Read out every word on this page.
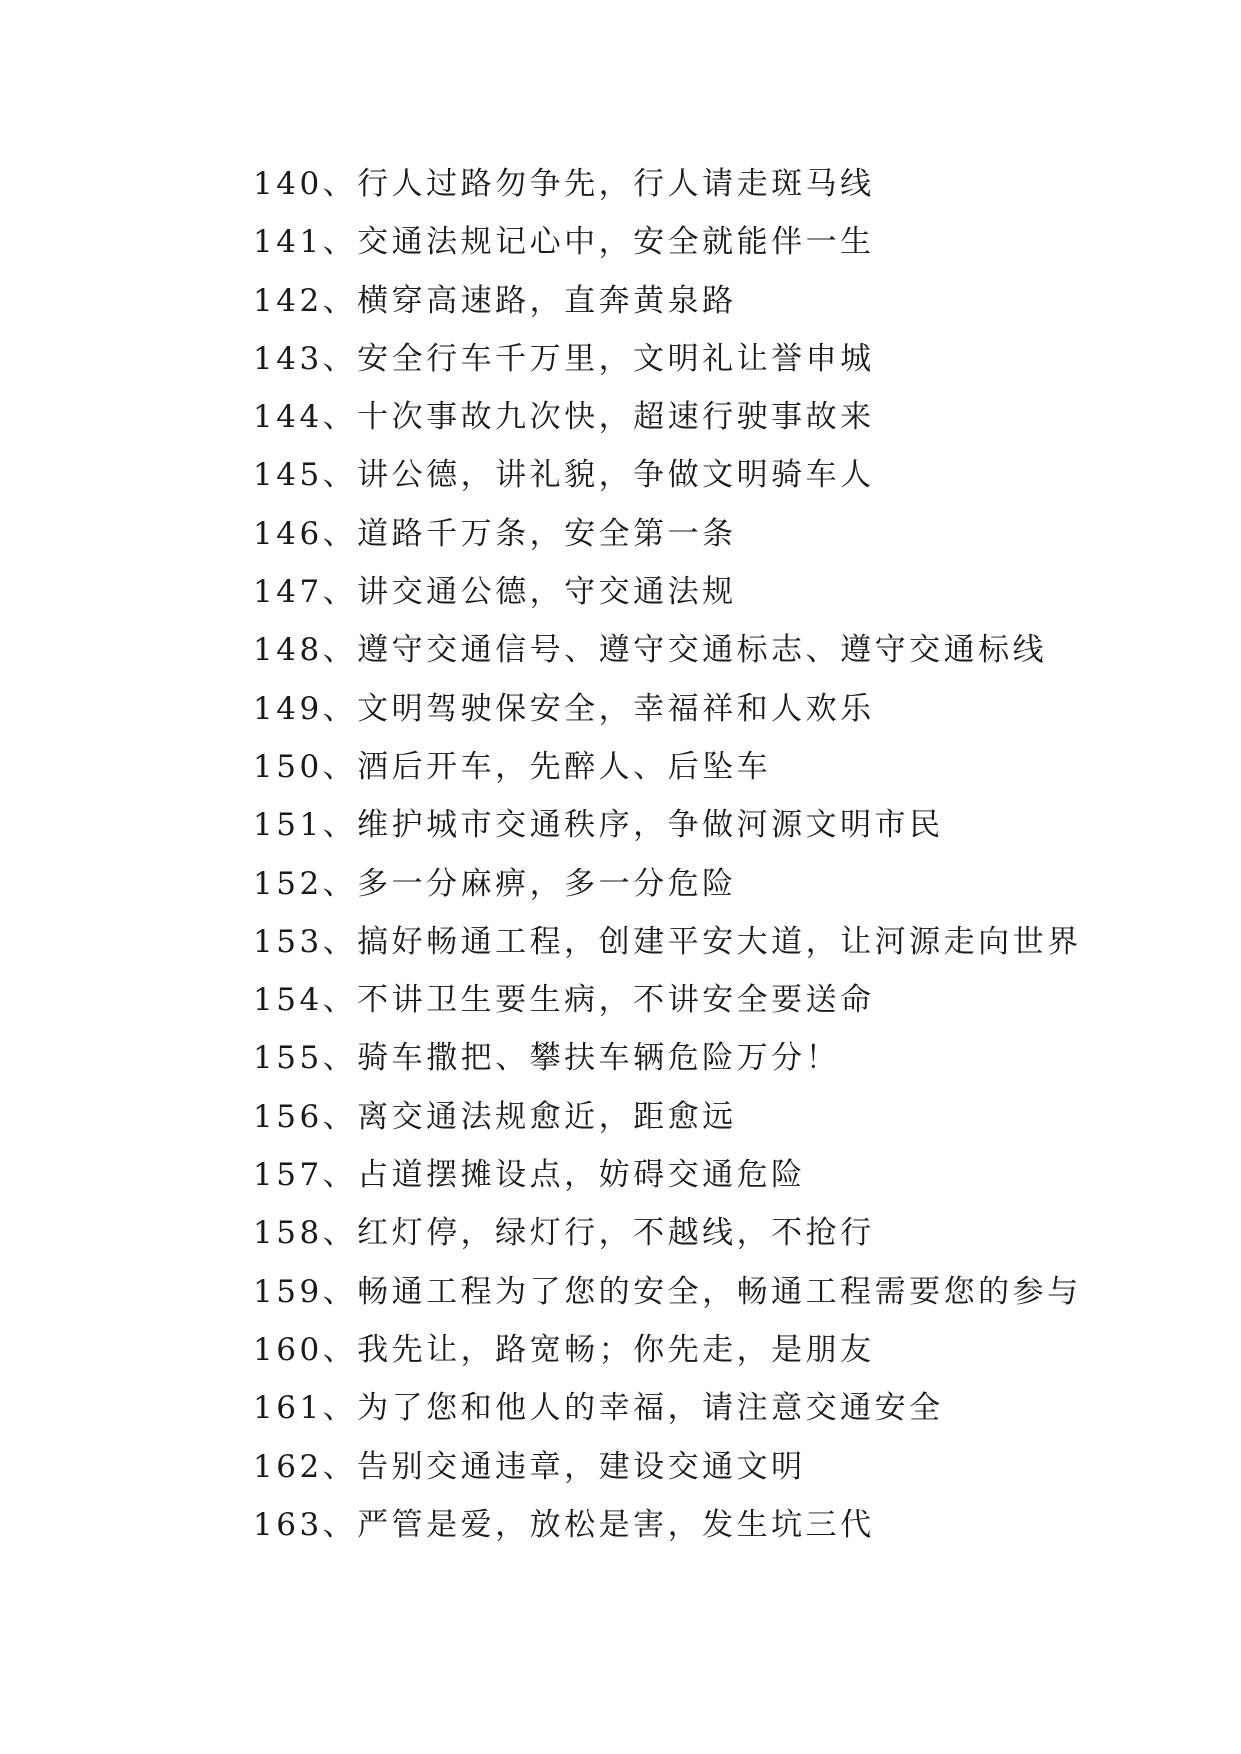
140、行人过路勿争先，行人请走斑马线
141、交通法规记心中，安全就能伴一生
142、横穿高速路，直奔黄泉路
143、安全行车千万里，文明礼让誉申城
144、十次事故九次快，超速行驶事故来
145、讲公德，讲礼貌，争做文明骑车人
146、道路千万条，安全第一条
147、讲交通公德，守交通法规
148、遵守交通信号、遵守交通标志、遵守交通标线
149、文明驾驶保安全，幸福祥和人欢乐
150、酒后开车，先醉人、后坠车
151、维护城市交通秩序，争做河源文明市民
152、多一分麻痹，多一分危险
153、搞好畅通工程，创建平安大道，让河源走向世界
154、不讲卫生要生病，不讲安全要送命
155、骑车撒把、攀扶车辆危险万分！
156、离交通法规愈近，距愈远
157、占道摆摊设点，妨碍交通危险
158、红灯停，绿灯行，不越线，不抢行
159、畅通工程为了您的安全，畅通工程需要您的参与
160、我先让，路宽畅；你先走，是朋友
161、为了您和他人的幸福，请注意交通安全
162、告别交通违章，建设交通文明
163、严管是爱，放松是害，发生坑三代
